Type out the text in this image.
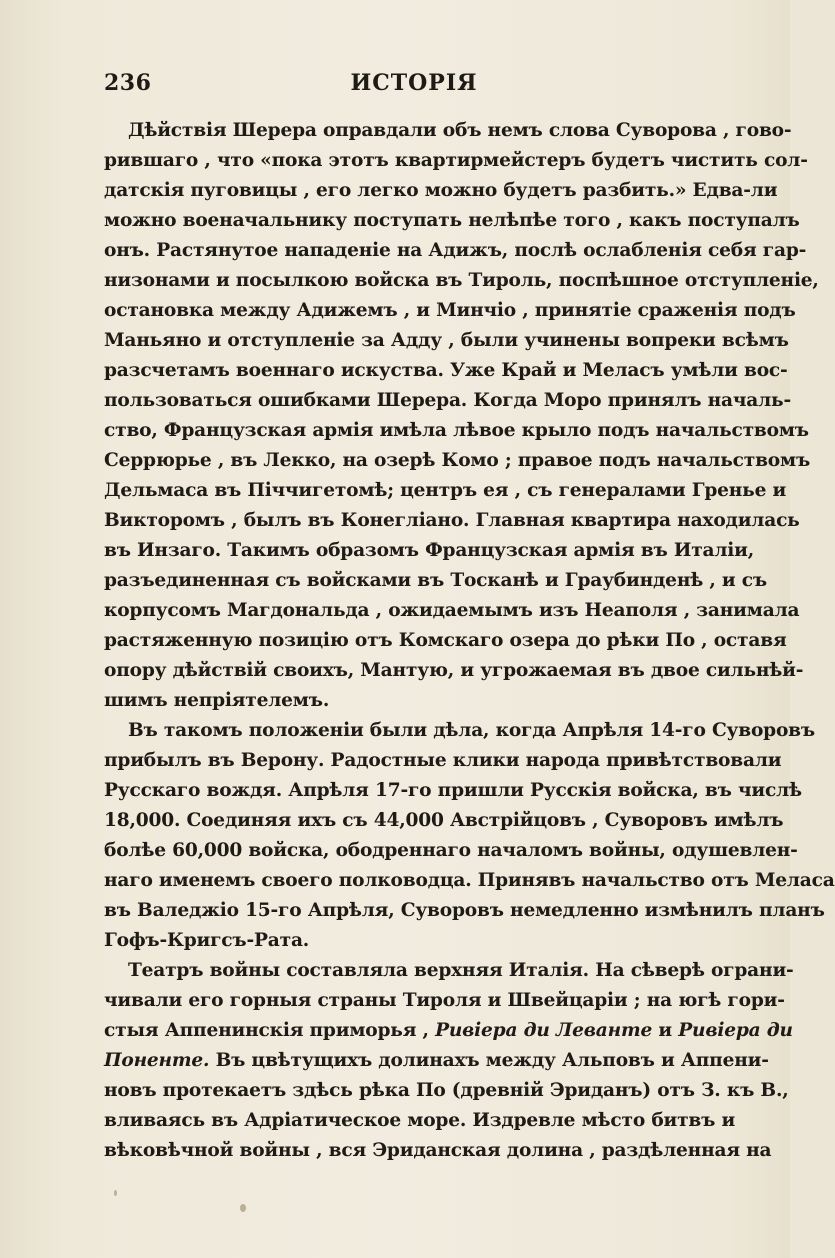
236	ИСТОРІЯ
Дѣйствія Шерера оправдали объ немъ слова Суворова , гово-
рившаго , что «пока этотъ квартирмейстеръ будетъ чистить сол-
датскія пуговицы , его легко можно будетъ разбить.» Едва-ли
можно военачальнику поступать нелѣпѣе того , какъ поступалъ
онъ. Растянутое нападеніе на Адижъ, послѣ ослабленія себя гар-
низонами и посылкою войска въ Тироль, поспѣшное отступленіе,
остановка между Адижемъ , и Минчіо , принятіе сраженія подъ
Маньяно и отступленіе за Адду , были учинены вопреки всѣмъ
разсчетамъ военнаго искуства. Уже Край и Меласъ умѣли вос-
пользоваться ошибками Шерера. Когда Моро принялъ началь-
ство, Французская армія имѣла лѣвое крыло подъ начальствомъ
Серрюрье , въ Лекко, на озерѣ Комо ; правое подъ начальствомъ
Дельмаса въ Піччигетомѣ; центръ ея , съ генералами Гренье и
Викторомъ , былъ въ Конегліано. Главная квартира находилась
въ Инзаго. Такимъ образомъ Французская армія въ Италіи,
разъединенная съ войсками въ Тосканѣ и Граубинденѣ , и съ
корпусомъ Магдональда , ожидаемымъ изъ Неаполя , занимала
растяженную позицію отъ Комскаго озера до рѣки По , оставя
опору дѣйствій своихъ, Мантую, и угрожаемая въ двое сильнѣй-
шимъ непріятелемъ.
Въ такомъ положеніи были дѣла, когда Апрѣля 14-го Суворовъ
прибылъ въ Верону. Радостные клики народа привѣтствовали
Русскаго вождя. Апрѣля 17-го пришли Русскія войска, въ числѣ
18,000. Соединяя ихъ съ 44,000 Австрійцовъ , Суворовъ имѣлъ
болѣе 60,000 войска, ободреннаго началомъ войны, одушевлен-
наго именемъ своего полководца. Принявъ начальство отъ Меласа
въ Валеджіо 15-го Апрѣля, Суворовъ немедленно измѣнилъ планъ
Гофъ-Кригсъ-Рата.
Театръ войны составляла верхняя Италія. На сѣверѣ ограни-
чивали его горныя страны Тироля и Швейцаріи ; на югѣ гори-
стыя Аппенинскія приморья , Ривіера ди Леванте и Ривіера ди
Поненте. Въ цвѣтущихъ долинахъ между Альповъ и Аппени-
новъ протекаетъ здѣсь рѣка По (древній Эриданъ) отъ З. къ В.,
вливаясь въ Адріатическое море. Издревле мѣсто битвъ и
вѣковѣчной войны , вся Эриданская долина , раздѣленная на
